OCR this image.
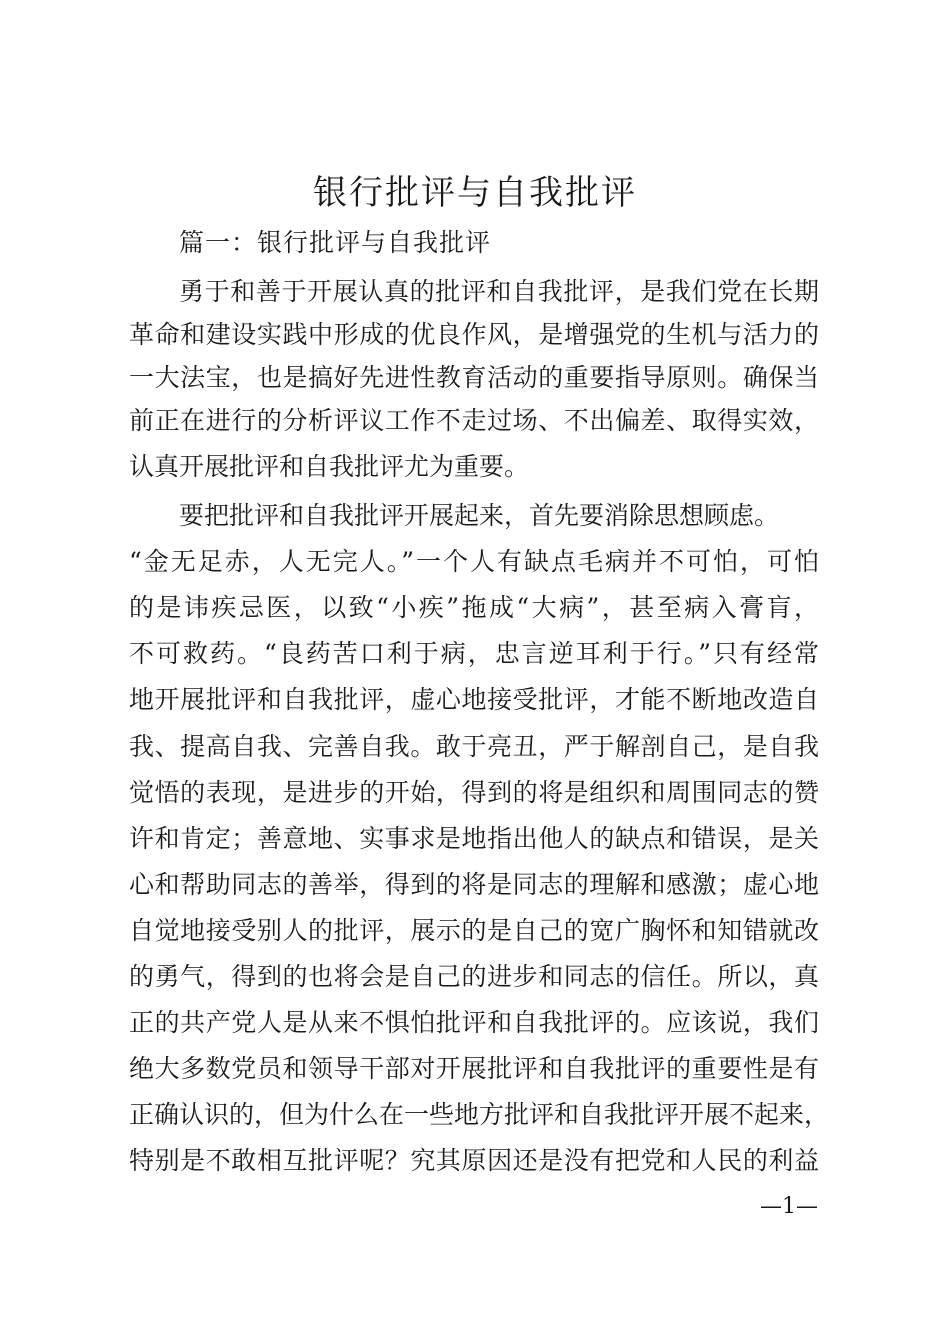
银行批评与自我批评
篇一：银行批评与自我批评
勇于和善于开展认真的批评和自我批评，是我们党在长期
革命和建设实践中形成的优良作风，是增强党的生机与活力的
一大法宝，也是搞好先进性教育活动的重要指导原则。确保当
前正在进行的分析评议工作不走过场、不出偏差、取得实效，
认真开展批评和自我批评尤为重要。
要把批评和自我批评开展起来，首先要消除思想顾虑。
“金无足赤，人无完人。”一个人有缺点毛病并不可怕，可怕
的是讳疾忌医，以致“小疾”拖成“大病”，甚至病入膏肓，
不可救药。“良药苦口利于病，忠言逆耳利于行。”只有经常
地开展批评和自我批评，虚心地接受批评，才能不断地改造自
我、提高自我、完善自我。敢于亮丑，严于解剖自己，是自我
觉悟的表现，是进步的开始，得到的将是组织和周围同志的赞
许和肯定；善意地、实事求是地指出他人的缺点和错误，是关
心和帮助同志的善举，得到的将是同志的理解和感激；虚心地
自觉地接受别人的批评，展示的是自己的宽广胸怀和知错就改
的勇气，得到的也将会是自己的进步和同志的信任。所以，真
正的共产党人是从来不惧怕批评和自我批评的。应该说，我们
绝大多数党员和领导干部对开展批评和自我批评的重要性是有
正确认识的，但为什么在一些地方批评和自我批评开展不起来，
特别是不敢相互批评呢？究其原因还是没有把党和人民的利益
—1—
